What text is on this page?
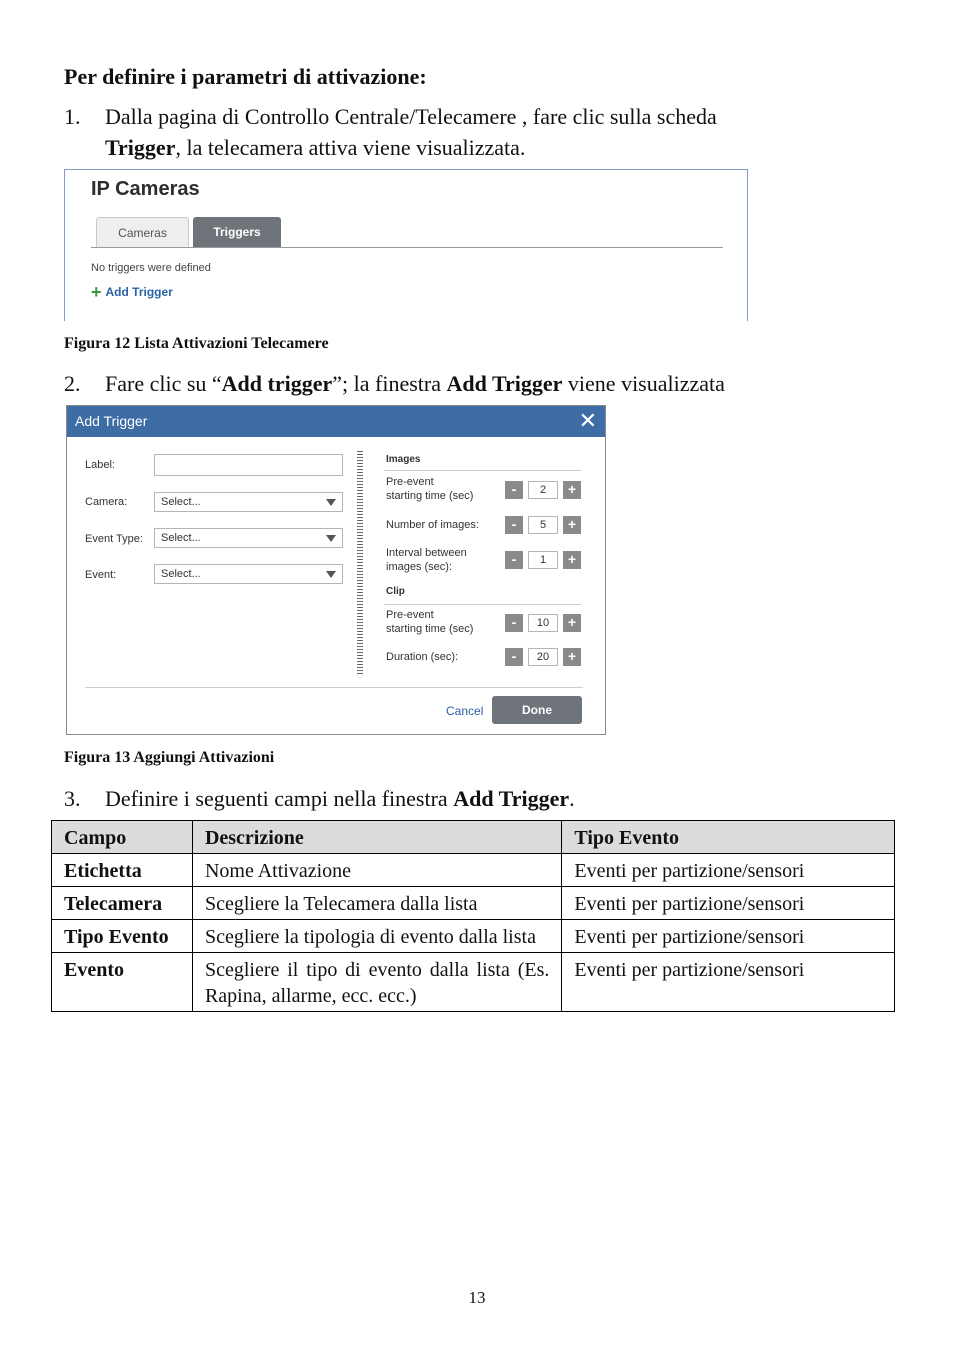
Per definire i parametri di attivazione:
1. Dalla pagina di Controllo Centrale/Telecamere , fare clic sulla scheda
Trigger, la telecamera attiva viene visualizzata.
IP Cameras
Cameras	Triggers
No triggers were defined
+ Add Trigger
Figura 12 Lista Attivazioni Telecamere
2. Fare clic su “Add trigger”; la finestra Add Trigger viene visualizzata
Add Trigger	✕
Label:
Camera:	Select...
Event Type:	Select...
Event:	Select...
Images
Pre-event
starting time (sec)	-	2	+
Number of images:	-	5	+
Interval between
images (sec):	-	1	+
Clip
Pre-event
starting time (sec)	-	10	+
Duration (sec):	-	20	+
Cancel	Done
Figura 13 Aggiungi Attivazioni
3. Definire i seguenti campi nella finestra Add Trigger.
Campo	Descrizione	Tipo Evento
Etichetta	Nome Attivazione	Eventi per partizione/sensori
Telecamera	Scegliere la Telecamera dalla lista	Eventi per partizione/sensori
Tipo Evento	Scegliere la tipologia di evento dalla lista	Eventi per partizione/sensori
Evento	Scegliere il tipo di evento dalla lista (Es. Rapina, allarme, ecc. ecc.)	Eventi per partizione/sensori
13
